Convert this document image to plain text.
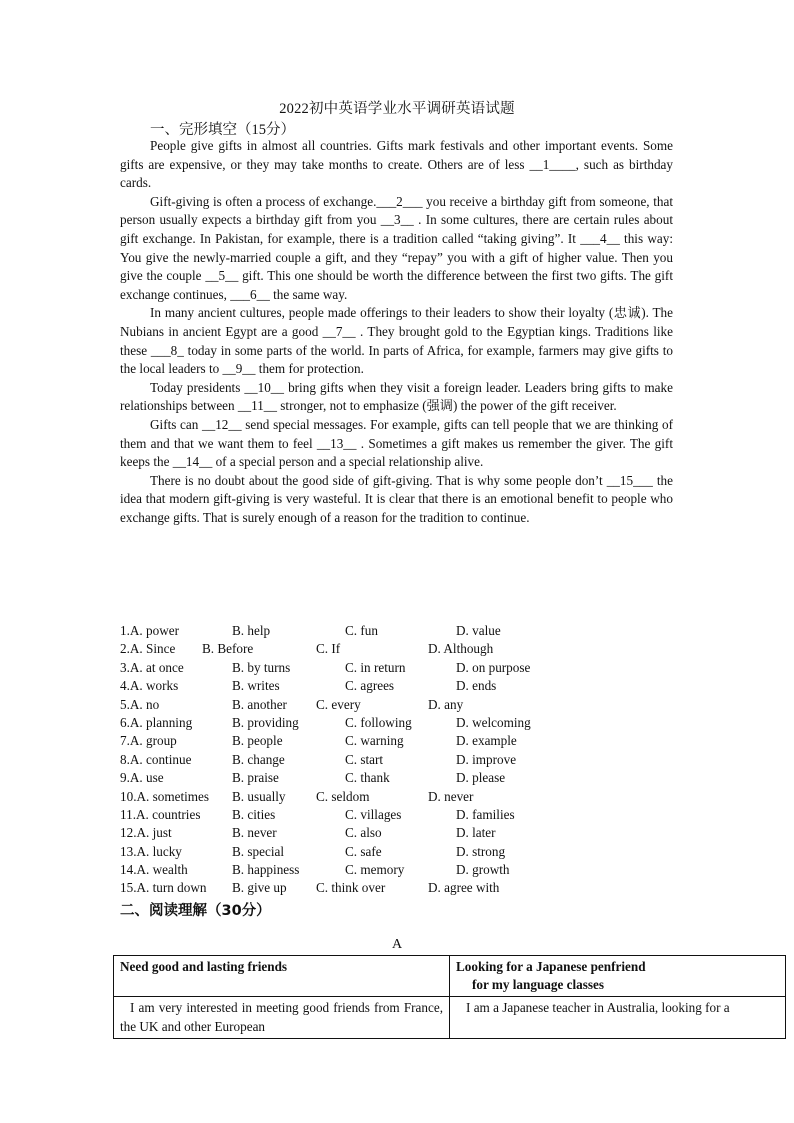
2022初中英语学业水平调研英语试题
一、完形填空（15分）

People give gifts in almost all countries. Gifts mark festivals and other important events. Some gifts are expensive, or they may take months to create. Others are of less __1____, such as birthday cards.

Gift-giving is often a process of exchange.___2___ you receive a birthday gift from someone, that person usually expects a birthday gift from you __3__ . In some cultures, there are certain rules about gift exchange. In Pakistan, for example, there is a tradition called “taking giving”. It ___4__ this way: You give the newly-married couple a gift, and they “repay” you with a gift of higher value. Then you give the couple __5__ gift. This one should be worth the difference between the first two gifts. The gift exchange continues, ___6__ the same way.

In many ancient cultures, people made offerings to their leaders to show their loyalty (忠诚). The Nubians in ancient Egypt are a good __7__ . They brought gold to the Egyptian kings. Traditions like these ___8_ today in some parts of the world. In parts of Africa, for example, farmers may give gifts to the local leaders to __9__ them for protection.

Today presidents __10__ bring gifts when they visit a foreign leader. Leaders bring gifts to make relationships between __11__ stronger, not to emphasize (强调) the power of the gift receiver.

Gifts can __12__ send special messages. For example, gifts can tell people that we are thinking of them and that we want them to feel __13__ . Sometimes a gift makes us remember the giver. The gift keeps the __14__ of a special person and a special relationship alive.

There is no doubt about the good side of gift-giving. That is why some people don’t __15___ the idea that modern gift-giving is very wasteful. It is clear that there is an emotional benefit to people who exchange gifts. That is surely enough of a reason for the tradition to continue.

1.A. power	B. help	C. fun	D. value
2.A. Since B. Before	C. If	D. Although
3.A. at once	B. by turns	C. in return	D. on purpose
4.A. works	B. writes	C. agrees	D. ends
5.A. no	B. another C. every	D. any
6.A. planning	B. providing	C. following	D. welcoming
7.A. group	B. people	C. warning	D. example
8.A. continue	B. change	C. start	D. improve
9.A. use	B. praise	C. thank	D. please
10.A. sometimes B. usually C. seldom	D. never
11.A. countries B. cities	C. villages	D. families
12.A. just	B. never	C. also	D. later
13.A. lucky	B. special	C. safe	D. strong
14.A. wealth	B. happiness	C. memory	D. growth
15.A. turn down B. give up C. think over	D. agree with
二、阅读理解（30分）
A
Need good and lasting friends	Looking for a Japanese penfriend
for my language classes

I am very interested in meeting good friends from France, the UK and other European	I am a Japanese teacher in Australia, looking for a
